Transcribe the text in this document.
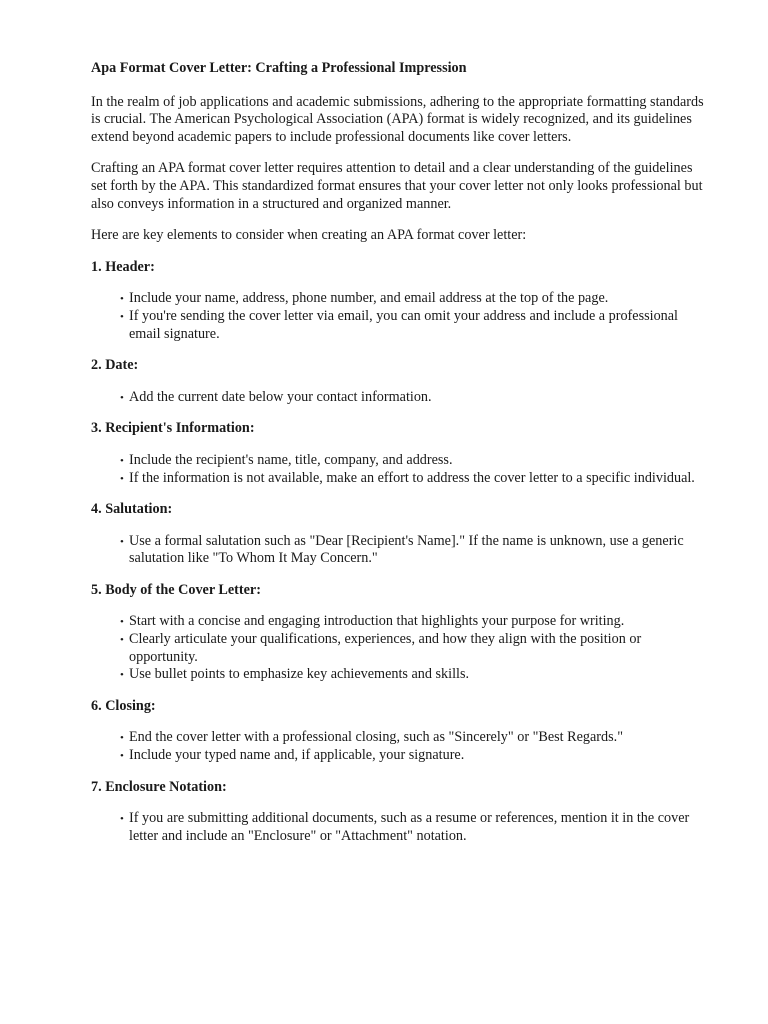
Apa Format Cover Letter: Crafting a Professional Impression

In the realm of job applications and academic submissions, adhering to the appropriate formatting standards is crucial. The American Psychological Association (APA) format is widely recognized, and its guidelines extend beyond academic papers to include professional documents like cover letters.

Crafting an APA format cover letter requires attention to detail and a clear understanding of the guidelines set forth by the APA. This standardized format ensures that your cover letter not only looks professional but also conveys information in a structured and organized manner.

Here are key elements to consider when creating an APA format cover letter:

1. Header:
• Include your name, address, phone number, and email address at the top of the page.
• If you're sending the cover letter via email, you can omit your address and include a professional email signature.
2. Date:
• Add the current date below your contact information.
3. Recipient's Information:
• Include the recipient's name, title, company, and address.
• If the information is not available, make an effort to address the cover letter to a specific individual.
4. Salutation:
• Use a formal salutation such as "Dear [Recipient's Name]." If the name is unknown, use a generic salutation like "To Whom It May Concern."
5. Body of the Cover Letter:
• Start with a concise and engaging introduction that highlights your purpose for writing.
• Clearly articulate your qualifications, experiences, and how they align with the position or opportunity.
• Use bullet points to emphasize key achievements and skills.
6. Closing:
• End the cover letter with a professional closing, such as "Sincerely" or "Best Regards."
• Include your typed name and, if applicable, your signature.
7. Enclosure Notation:
• If you are submitting additional documents, such as a resume or references, mention it in the cover letter and include an "Enclosure" or "Attachment" notation.
